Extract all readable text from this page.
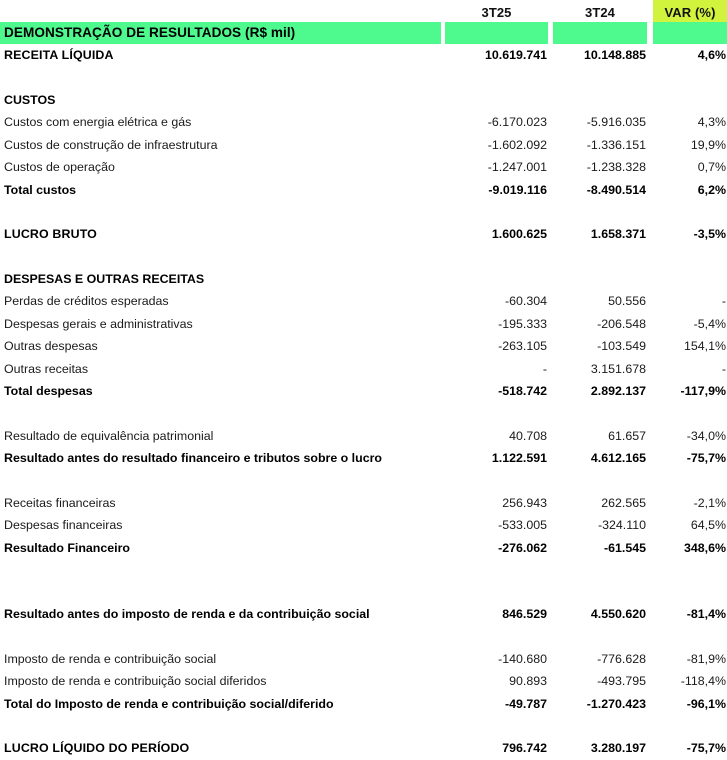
		3T25		3T24		VAR (%)
DEMONSTRAÇÃO DE RESULTADOS (R$ mil)						
RECEITA LÍQUIDA		10.619.741		10.148.885		4,6%

CUSTOS						
Custos com energia elétrica e gás		-6.170.023		-5.916.035		4,3%
Custos de construção de infraestrutura		-1.602.092		-1.336.151		19,9%
Custos de operação		-1.247.001		-1.238.328		0,7%
Total custos		-9.019.116		-8.490.514		6,2%

LUCRO BRUTO		1.600.625		1.658.371		-3,5%

DESPESAS E OUTRAS RECEITAS						
Perdas de créditos esperadas		-60.304		50.556		-
Despesas gerais e administrativas		-195.333		-206.548		-5,4%
Outras despesas		-263.105		-103.549		154,1%
Outras receitas		-		3.151.678		-
Total despesas		-518.742		2.892.137		-117,9%

Resultado de equivalência patrimonial		40.708		61.657		-34,0%
Resultado antes do resultado financeiro e tributos sobre o lucro		1.122.591		4.612.165		-75,7%

Receitas financeiras		256.943		262.565		-2,1%
Despesas financeiras		-533.005		-324.110		64,5%
Resultado Financeiro		-276.062		-61.545		348,6%

Resultado antes do imposto de renda e da contribuição social		846.529		4.550.620		-81,4%

Imposto de renda e contribuição social		-140.680		-776.628		-81,9%
Imposto de renda e contribuição social diferidos		90.893		-493.795		-118,4%
Total do Imposto de renda e contribuição social/diferido		-49.787		-1.270.423		-96,1%

LUCRO LÍQUIDO DO PERÍODO		796.742		3.280.197		-75,7%
